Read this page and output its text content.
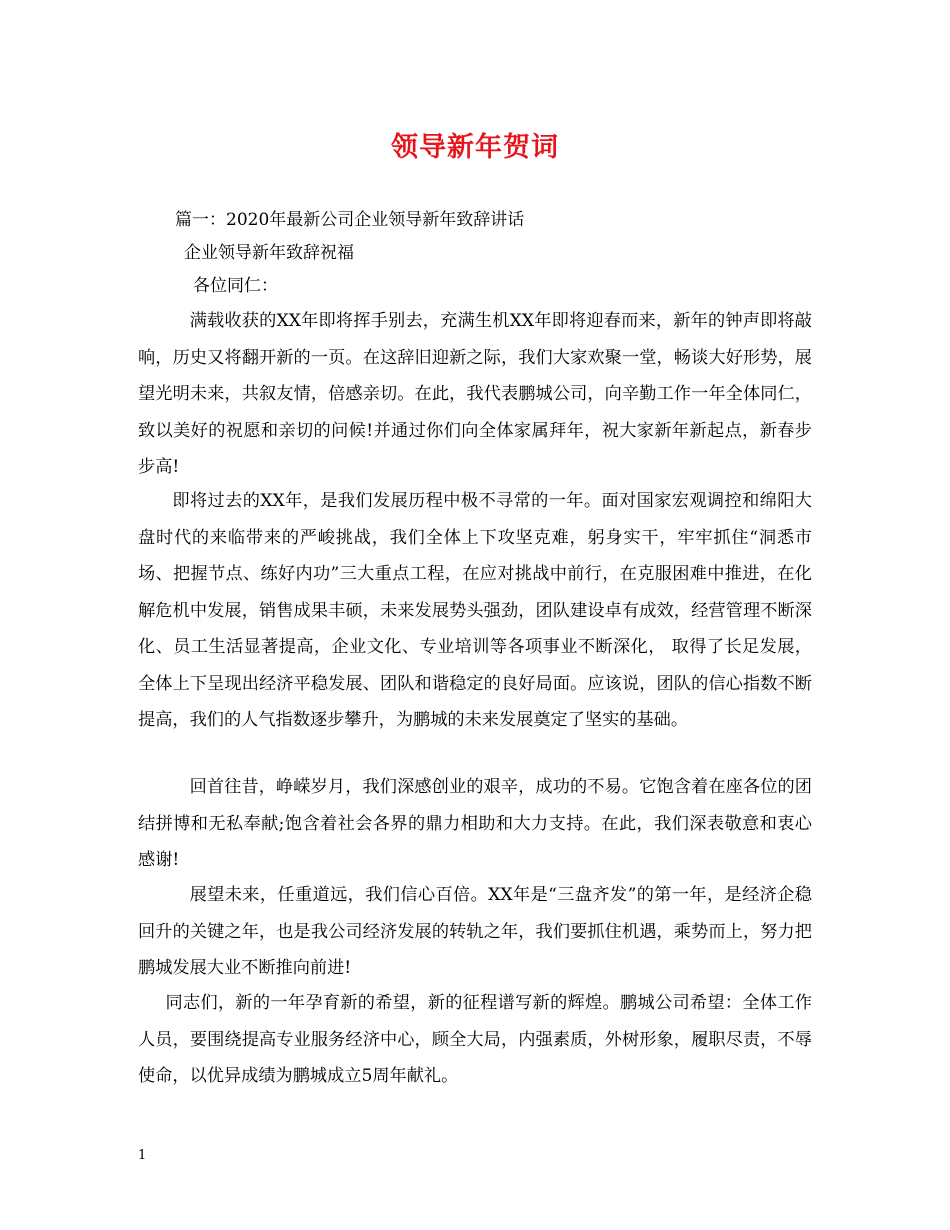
领导新年贺词
篇一：2020年最新公司企业领导新年致辞讲话
企业领导新年致辞祝福
各位同仁：

满载收获的XX年即将挥手别去，充满生机XX年即将迎春而来，新年的钟声即将敲响，历史又将翻开新的一页。在这辞旧迎新之际，我们大家欢聚一堂，畅谈大好形势，展望光明未来，共叙友情，倍感亲切。在此，我代表鹏城公司，向辛勤工作一年全体同仁，致以美好的祝愿和亲切的问候!并通过你们向全体家属拜年，祝大家新年新起点，新春步步高!

即将过去的XX年，是我们发展历程中极不寻常的一年。面对国家宏观调控和绵阳大盘时代的来临带来的严峻挑战，我们全体上下攻坚克难，躬身实干，牢牢抓住“洞悉市场、把握节点、练好内功”三大重点工程，在应对挑战中前行，在克服困难中推进，在化解危机中发展，销售成果丰硕，未来发展势头强劲，团队建设卓有成效，经营管理不断深化、员工生活显著提高，企业文化、专业培训等各项事业不断深化， 取得了长足发展，全体上下呈现出经济平稳发展、团队和谐稳定的良好局面。应该说，团队的信心指数不断提高，我们的人气指数逐步攀升，为鹏城的未来发展奠定了坚实的基础。

回首往昔，峥嵘岁月，我们深感创业的艰辛，成功的不易。它饱含着在座各位的团结拼博和无私奉献;饱含着社会各界的鼎力相助和大力支持。在此，我们深表敬意和衷心感谢!

展望未来，任重道远，我们信心百倍。XX年是“三盘齐发”的第一年，是经济企稳回升的关键之年，也是我公司经济发展的转轨之年，我们要抓住机遇，乘势而上，努力把鹏城发展大业不断推向前进!

同志们，新的一年孕育新的希望，新的征程谱写新的辉煌。鹏城公司希望：全体工作人员，要围绕提高专业服务经济中心，顾全大局，内强素质，外树形象，履职尽责，不辱使命，以优异成绩为鹏城成立5周年献礼。

1
